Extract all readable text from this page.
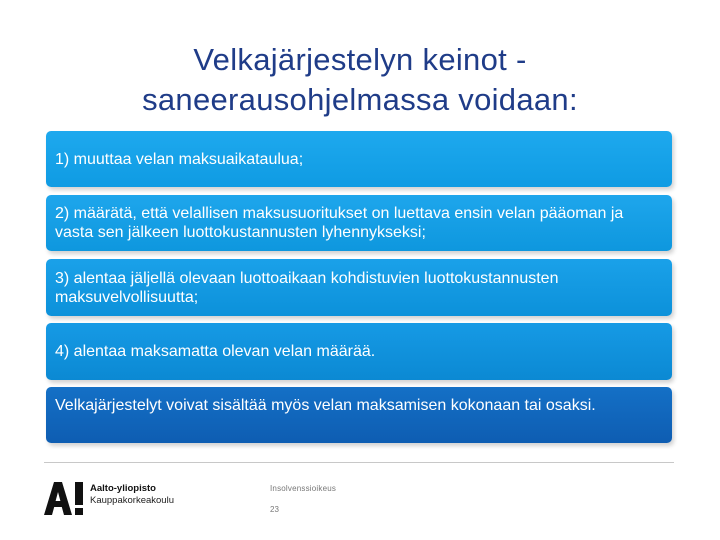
Velkajärjestelyn keinot -
saneerausohjelmassa voidaan:
1) muuttaa velan maksuaikataulua;
2) määrätä, että velallisen maksusuoritukset on luettava ensin velan pääoman ja vasta sen jälkeen luottokustannusten lyhennykseksi;
3) alentaa jäljellä olevaan luottoaikaan kohdistuvien luottokustannusten maksuvelvollisuutta;
4) alentaa maksamatta olevan velan määrää.
Velkajärjestelyt voivat sisältää myös velan maksamisen kokonaan tai osaksi.
Aalto-yliopisto
Kauppakorkeakoulu
Insolvenssioikeus
23
